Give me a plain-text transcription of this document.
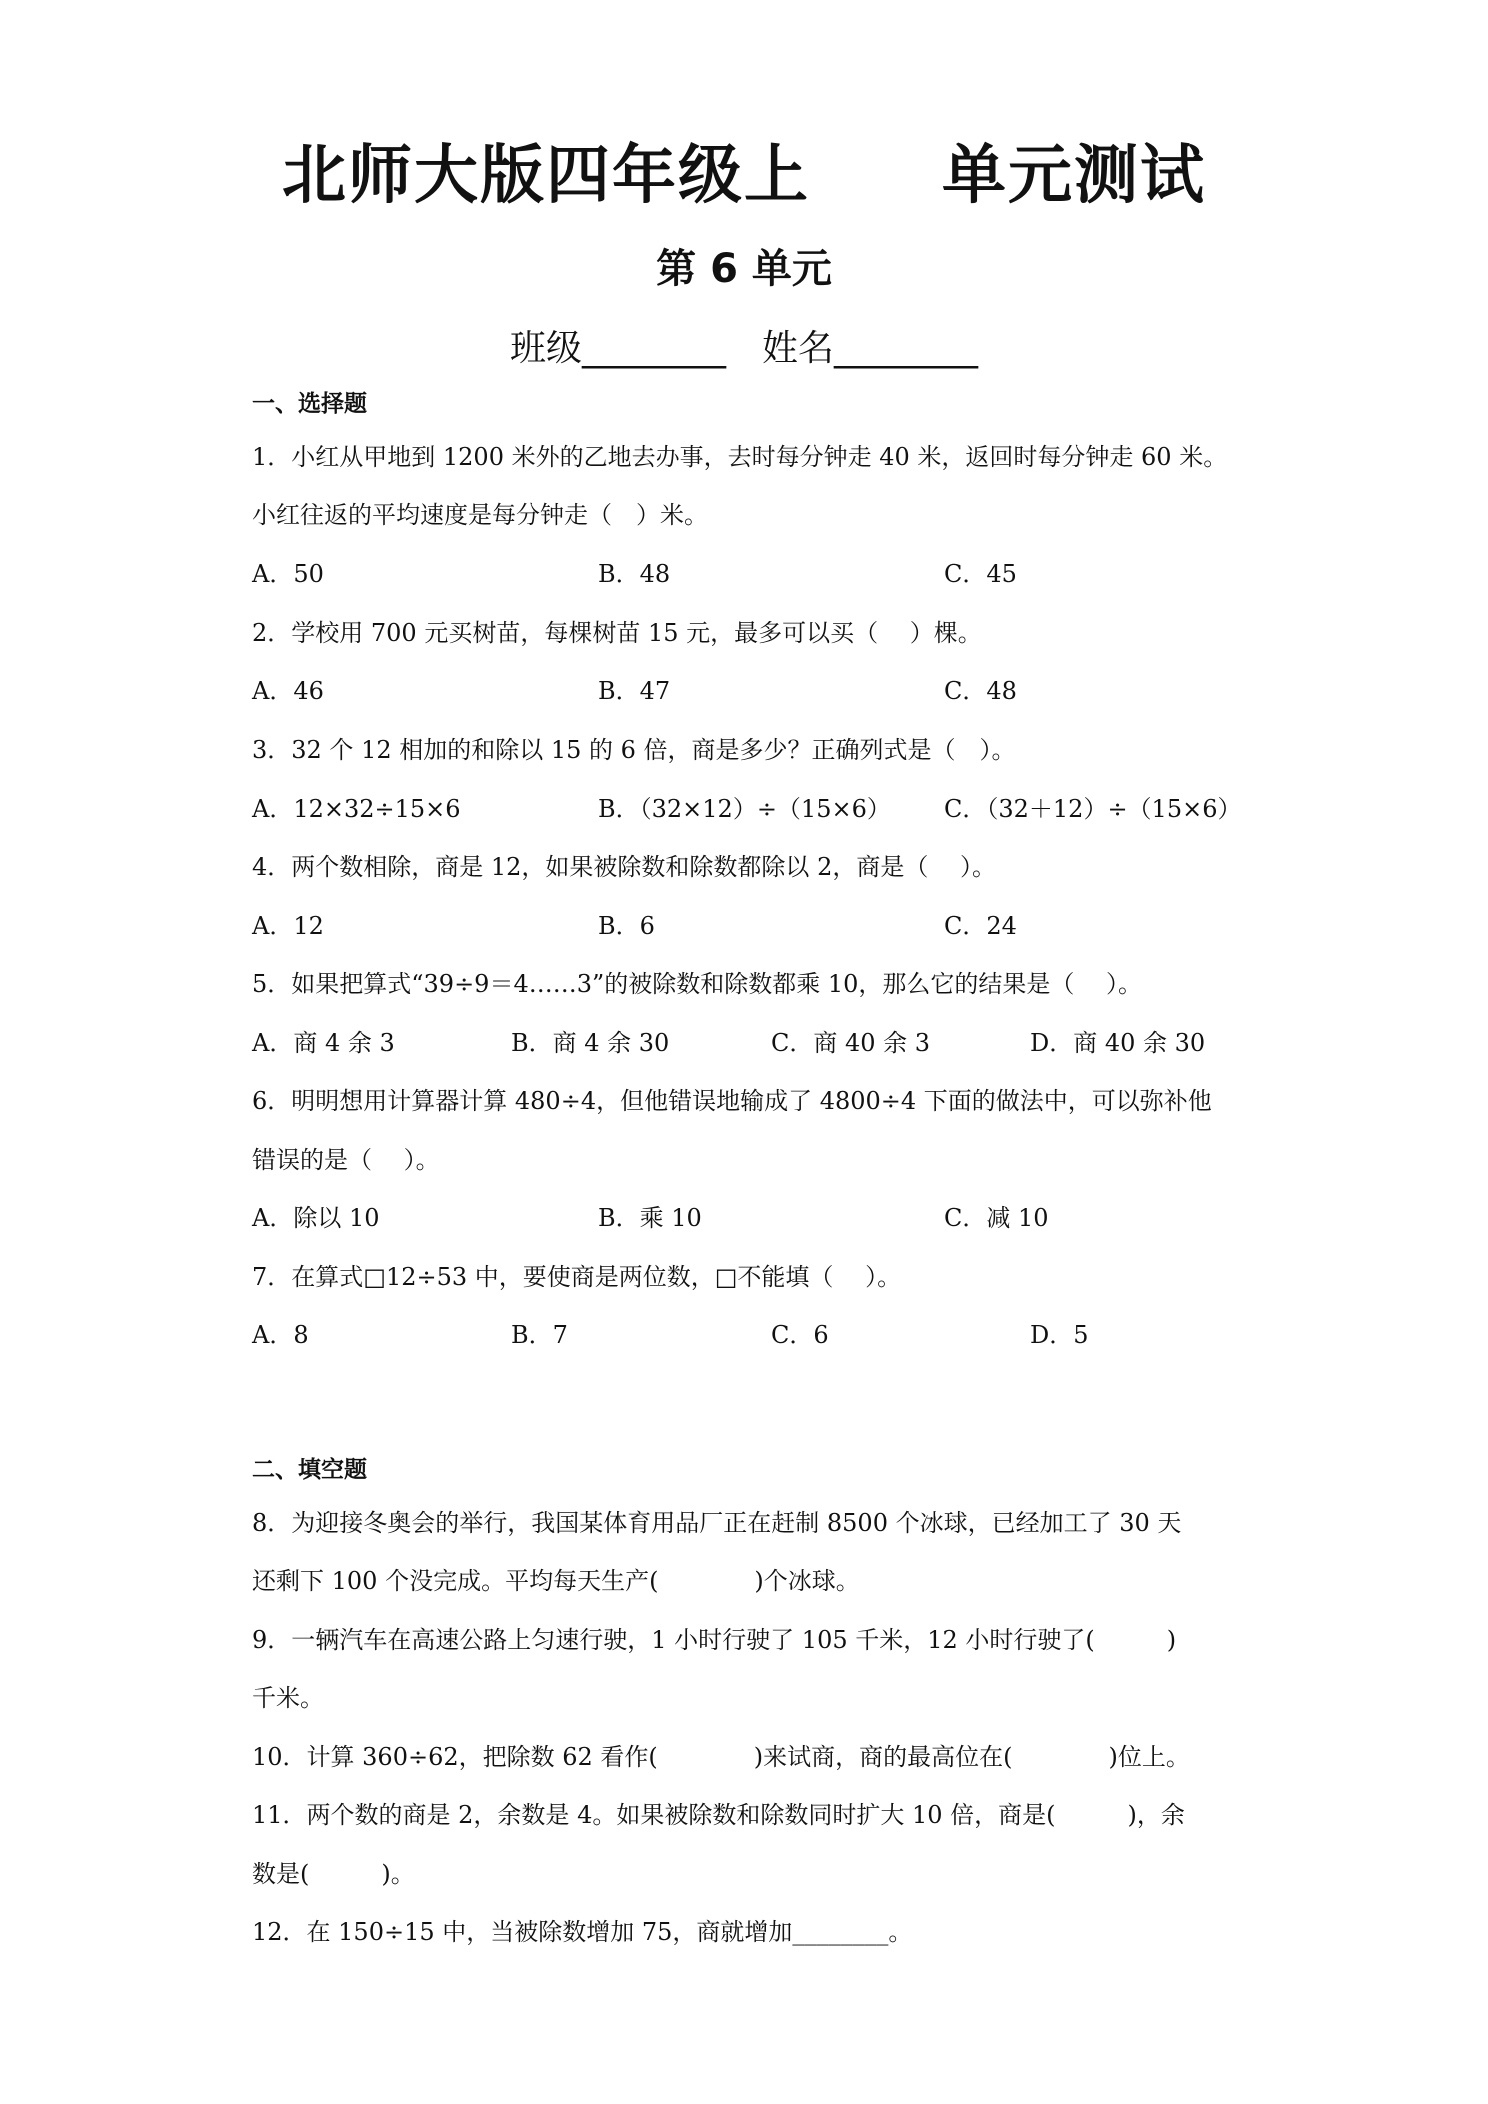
北师大版四年级上　　单元测试
第 6 单元
班级________　姓名________
一、选择题
1．小红从甲地到 1200 米外的乙地去办事，去时每分钟走 40 米，返回时每分钟走 60 米。
小红往返的平均速度是每分钟走（　）米。
A．50	B．48	C．45
2．学校用 700 元买树苗，每棵树苗 15 元，最多可以买（　 ）棵。
A．46	B．47	C．48
3．32 个 12 相加的和除以 15 的 6 倍，商是多少？正确列式是（　）。
A．12×32÷15×6	B．（32×12）÷（15×6） C．（32＋12）÷（15×6）
4．两个数相除，商是 12，如果被除数和除数都除以 2，商是（　 ）。
A．12	B．6	C．24
5．如果把算式“39÷9＝4……3”的被除数和除数都乘 10，那么它的结果是（　 ）。
A．商 4 余 3	B．商 4 余 30	C．商 40 余 3	D．商 40 余 30
6．明明想用计算器计算 480÷4，但他错误地输成了 4800÷4 下面的做法中，可以弥补他
错误的是（　 ）。
A．除以 10	B．乘 10	C．减 10
7．在算式□12÷53 中，要使商是两位数，□不能填（　 ）。
A．8	B．7	C．6	D．5
二、填空题
8．为迎接冬奥会的举行，我国某体育用品厂正在赶制 8500 个冰球，已经加工了 30 天
还剩下 100 个没完成。平均每天生产(　　　　)个冰球。
9．一辆汽车在高速公路上匀速行驶，1 小时行驶了 105 千米，12 小时行驶了(　　　)
千米。
10．计算 360÷62，把除数 62 看作(　　　　)来试商，商的最高位在(　　　　)位上。
11．两个数的商是 2，余数是 4。如果被除数和除数同时扩大 10 倍，商是(　　　)，余
数是(　　　)。
12．在 150÷15 中，当被除数增加 75，商就增加________。
